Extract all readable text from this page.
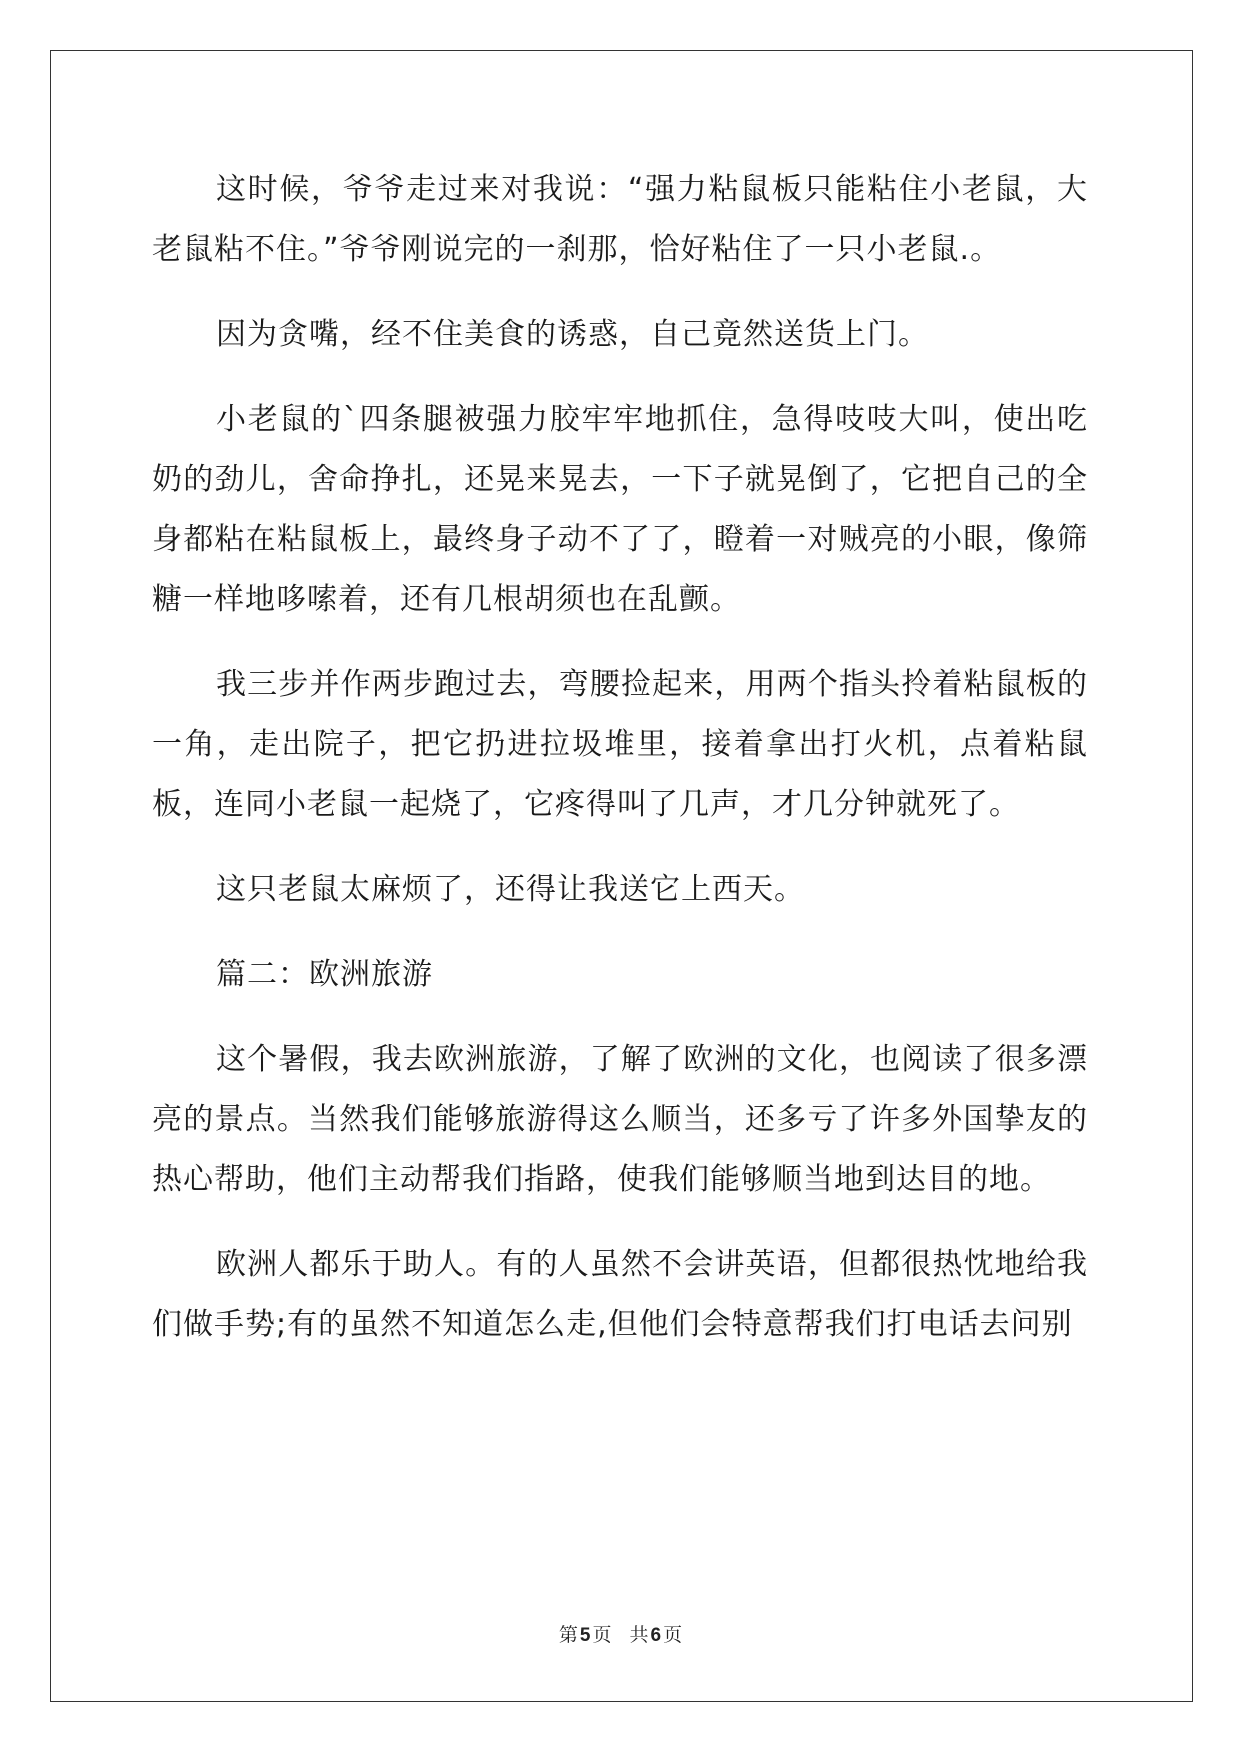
这时候，爷爷走过来对我说：“强力粘鼠板只能粘住小老鼠，大老鼠粘不住。”爷爷刚说完的一刹那，恰好粘住了一只小老鼠.。

因为贪嘴，经不住美食的诱惑，自己竟然送货上门。

小老鼠的`四条腿被强力胶牢牢地抓住，急得吱吱大叫，使出吃奶的劲儿，舍命挣扎，还晃来晃去，一下子就晃倒了，它把自己的全身都粘在粘鼠板上，最终身子动不了了，瞪着一对贼亮的小眼，像筛糖一样地哆嗦着，还有几根胡须也在乱颤。

我三步并作两步跑过去，弯腰捡起来，用两个指头拎着粘鼠板的一角，走出院子，把它扔进拉圾堆里，接着拿出打火机，点着粘鼠板，连同小老鼠一起烧了，它疼得叫了几声，才几分钟就死了。

这只老鼠太麻烦了，还得让我送它上西天。

篇二：欧洲旅游

这个暑假，我去欧洲旅游，了解了欧洲的文化，也阅读了很多漂亮的景点。当然我们能够旅游得这么顺当，还多亏了许多外国挚友的热心帮助，他们主动帮我们指路，使我们能够顺当地到达目的地。

欧洲人都乐于助人。有的人虽然不会讲英语，但都很热忱地给我们做手势;有的虽然不知道怎么走,但他们会特意帮我们打电话去问别

第 5 页 共 6 页
